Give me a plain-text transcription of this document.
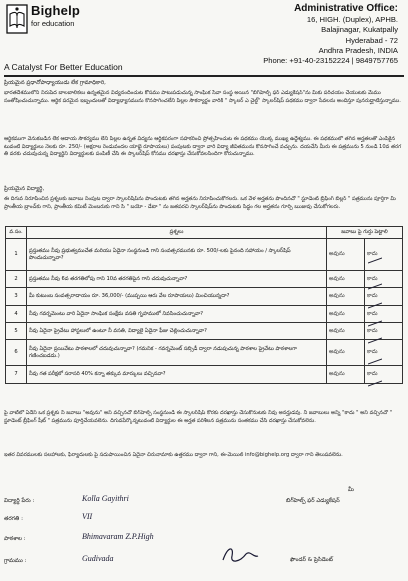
Bighelp
for education
A Catalyst For Better Education
Administrative Office:
16, HIGH. (Duplex), APHB.
Balajinagar, Kukatpally
Hyderabad - 72
Andhra Pradesh, INDIA
Phone: +91-40-23152224 | 9849757765
ప్రియమైన ప్రధానోపాధ్యాయుడు లేక గ్రామాధికారి,
భారతదేశములోని నిరుపేద బాలబాలికలు ఉన్నతమైన విద్యనందించుట కోసము పాటుపడుచున్న సాంఘిక సేవా సంస్థ అయిన "బిగ్‌హెల్ప్ ఫర్ ఎడ్యుకేషన్"ను మీకు పరిచయం చేయుటకు మేము సంతోషించుచున్నాము. ఆర్థిక పరమైన ఇబ్బందులతో విద్యాభ్యాసమును కొనసాగించలేని పిల్లల సౌకర్యార్థం వారికి " స్కాలర్ ఎ చైల్డ్" స్కాలర్‌షిప్ పథకము ద్వారా సేవలను అందిస్తూ పునరుద్ఘాటిస్తున్నాము.
ఆర్థికముగా వెనుకబడిన లేక ఆదాయ సౌకర్యము లేని పిల్లల ఉన్నత విద్యను ఆర్థికపరంగా సహకరించి ప్రోత్సహించుట ఈ పథకము యొక్క ముఖ్య ఉద్దేశ్యము. ఈ పథకములో తగిన అర్హతలతో ఎంపికైనటువంటి విద్యార్థులు నెలకు రూ. 250/- (అక్షరాల రెండువందల యాభై రూపాయలు) పంపుటకు ద్వారా వారి విద్యా జీవితమును కొనసాగించే వచ్చును. దయచేసి మీరు ఈ పత్రమును 5 నుండి 10వ తరగతి వరకు చదువుచున్న విద్యార్థిని విద్యార్థులకు పంపిణీ చేసి ఈ స్కాలర్‌షిప్ కోసము దరఖాస్తు చేసుకోవలసిందిగా కోరుచున్నాము.
ప్రియమైన విద్యార్థి,
ఈ దిగువ నిరూపించిన ప్రశ్నలకు జవాబు నింపుట ద్వారా స్కాలర్‌షిప్‌ను పొందుటకు తగిన అర్హతను నిరూపించుకోగలరు. ఒక వేళ అర్హతను పొందినచో " స్టూడెంట్ బ్రీఫింగ్ బిల్లర్ " పత్రమును పూర్తిగా మీ ప్రాంతీయ బ్రాంచ్‌కు గాని, ప్రాంతీయ కమిటీ మెంబరుకు గాని సి " బయో - డేటా " ను జతపరచి స్కాలర్‌షిప్‌ను పొందుటకు సిద్ధం గల అర్హతను గూర్చి ఋజువు చేసుకోగలరు.
వ.సం.	ప్రశ్నలు	జవాబు పై గుర్తు పెట్టాలి	
1	ప్రస్తుతము నీవు ప్రభుత్వముచేత మరియు ఏదైనా సంస్థనుండి గాని సంవత్సరమునకు రూ. 500/-లకు పైనంది సహాయం / స్కాలర్‌షిప్ పొందుచున్నావా?	అవును	కాదు
2	ప్రస్తుతము నీవు 6వ తరగతిలోపు గాని 10వ తరగతిపైన గాని చదువుచున్నావా?	అవును	కాదు
3	మీ కుటుంబ సంవత్సరాదాయం రూ. 36,000/- (ముప్పయి ఆరు వేల రూపాయలు) మించియున్నదా?	అవును	కాదు
4	నీవు గవర్నమెంటు వారి ఏదైనా సాంఘిక సంక్షేమ వసతి గృహములో నివసించుచున్నావా?	అవును	కాదు
5	నీవు ఏదైనా ప్రైవేటు హాస్టలులో ఉంటూ నీ వసతి, విద్యాలై ఏదైనా ఫీజు చెల్లించుచున్నావా?	అవును	కాదు
6	నీవు ఏదైనా ప్రయివేటు పాఠశాలలో చదువుచున్నావా? (గమనిక - గవర్నమెంట్ సబ్సిడీ ద్వారా నడుపుచున్న పాఠశాల ప్రైవేటు పాఠశాలగా గణించబడదు.)	అవును	కాదు
7	నీవు గత పరీక్షలో సరాసరి 40% కన్నా తక్కువ మార్కులు వచ్చినవా?	అవును	కాదు
పై వాటిలో ఏదేని ఒక ప్రశ్నకు నీ జవాబు "అవును" అని వచ్చినచో బిగ్‌హెల్ప్ సంస్థనుండి ఈ స్కాలర్‌షిప్ కొరకు దరఖాస్తు చేసుకొనుటకు నీవు అనర్హుడవు. నీ జవాబులు అన్ని "కాదు " అని వచ్చినచో " స్టూడెంట్ బ్రీఫింగ్ షీట్ " పత్రమును పూర్తిచేయవలెను. దిగువపేర్కొన్నటువంటి విద్యార్థుల ఈ అర్హత పరిశీలన పత్రమును సంతకము చేసి దరఖాస్తు చేసుకోవలెను.
ఇతర వివరములకు సలహాలకు, ఫిర్యాదులకు పై సదుపాయించిన ఏదైనా చిరునామాకు ఉత్తరము ద్వారా గాని, ఈ-మెయిల్ info@bighelp.org ద్వారా గాని తెలుపవలెను.
విద్యార్థి పేరు :	Kolla Gayithri
తరగతి :	VII
పాఠశాల :	Bhimavaram Z.P.High
గ్రామము :	Gudivada
మీ
బిగ్‌హెల్ప్ ఫర్ ఎడ్యుకేషన్
ఫౌండర్ & ప్రెసిడెంట్
